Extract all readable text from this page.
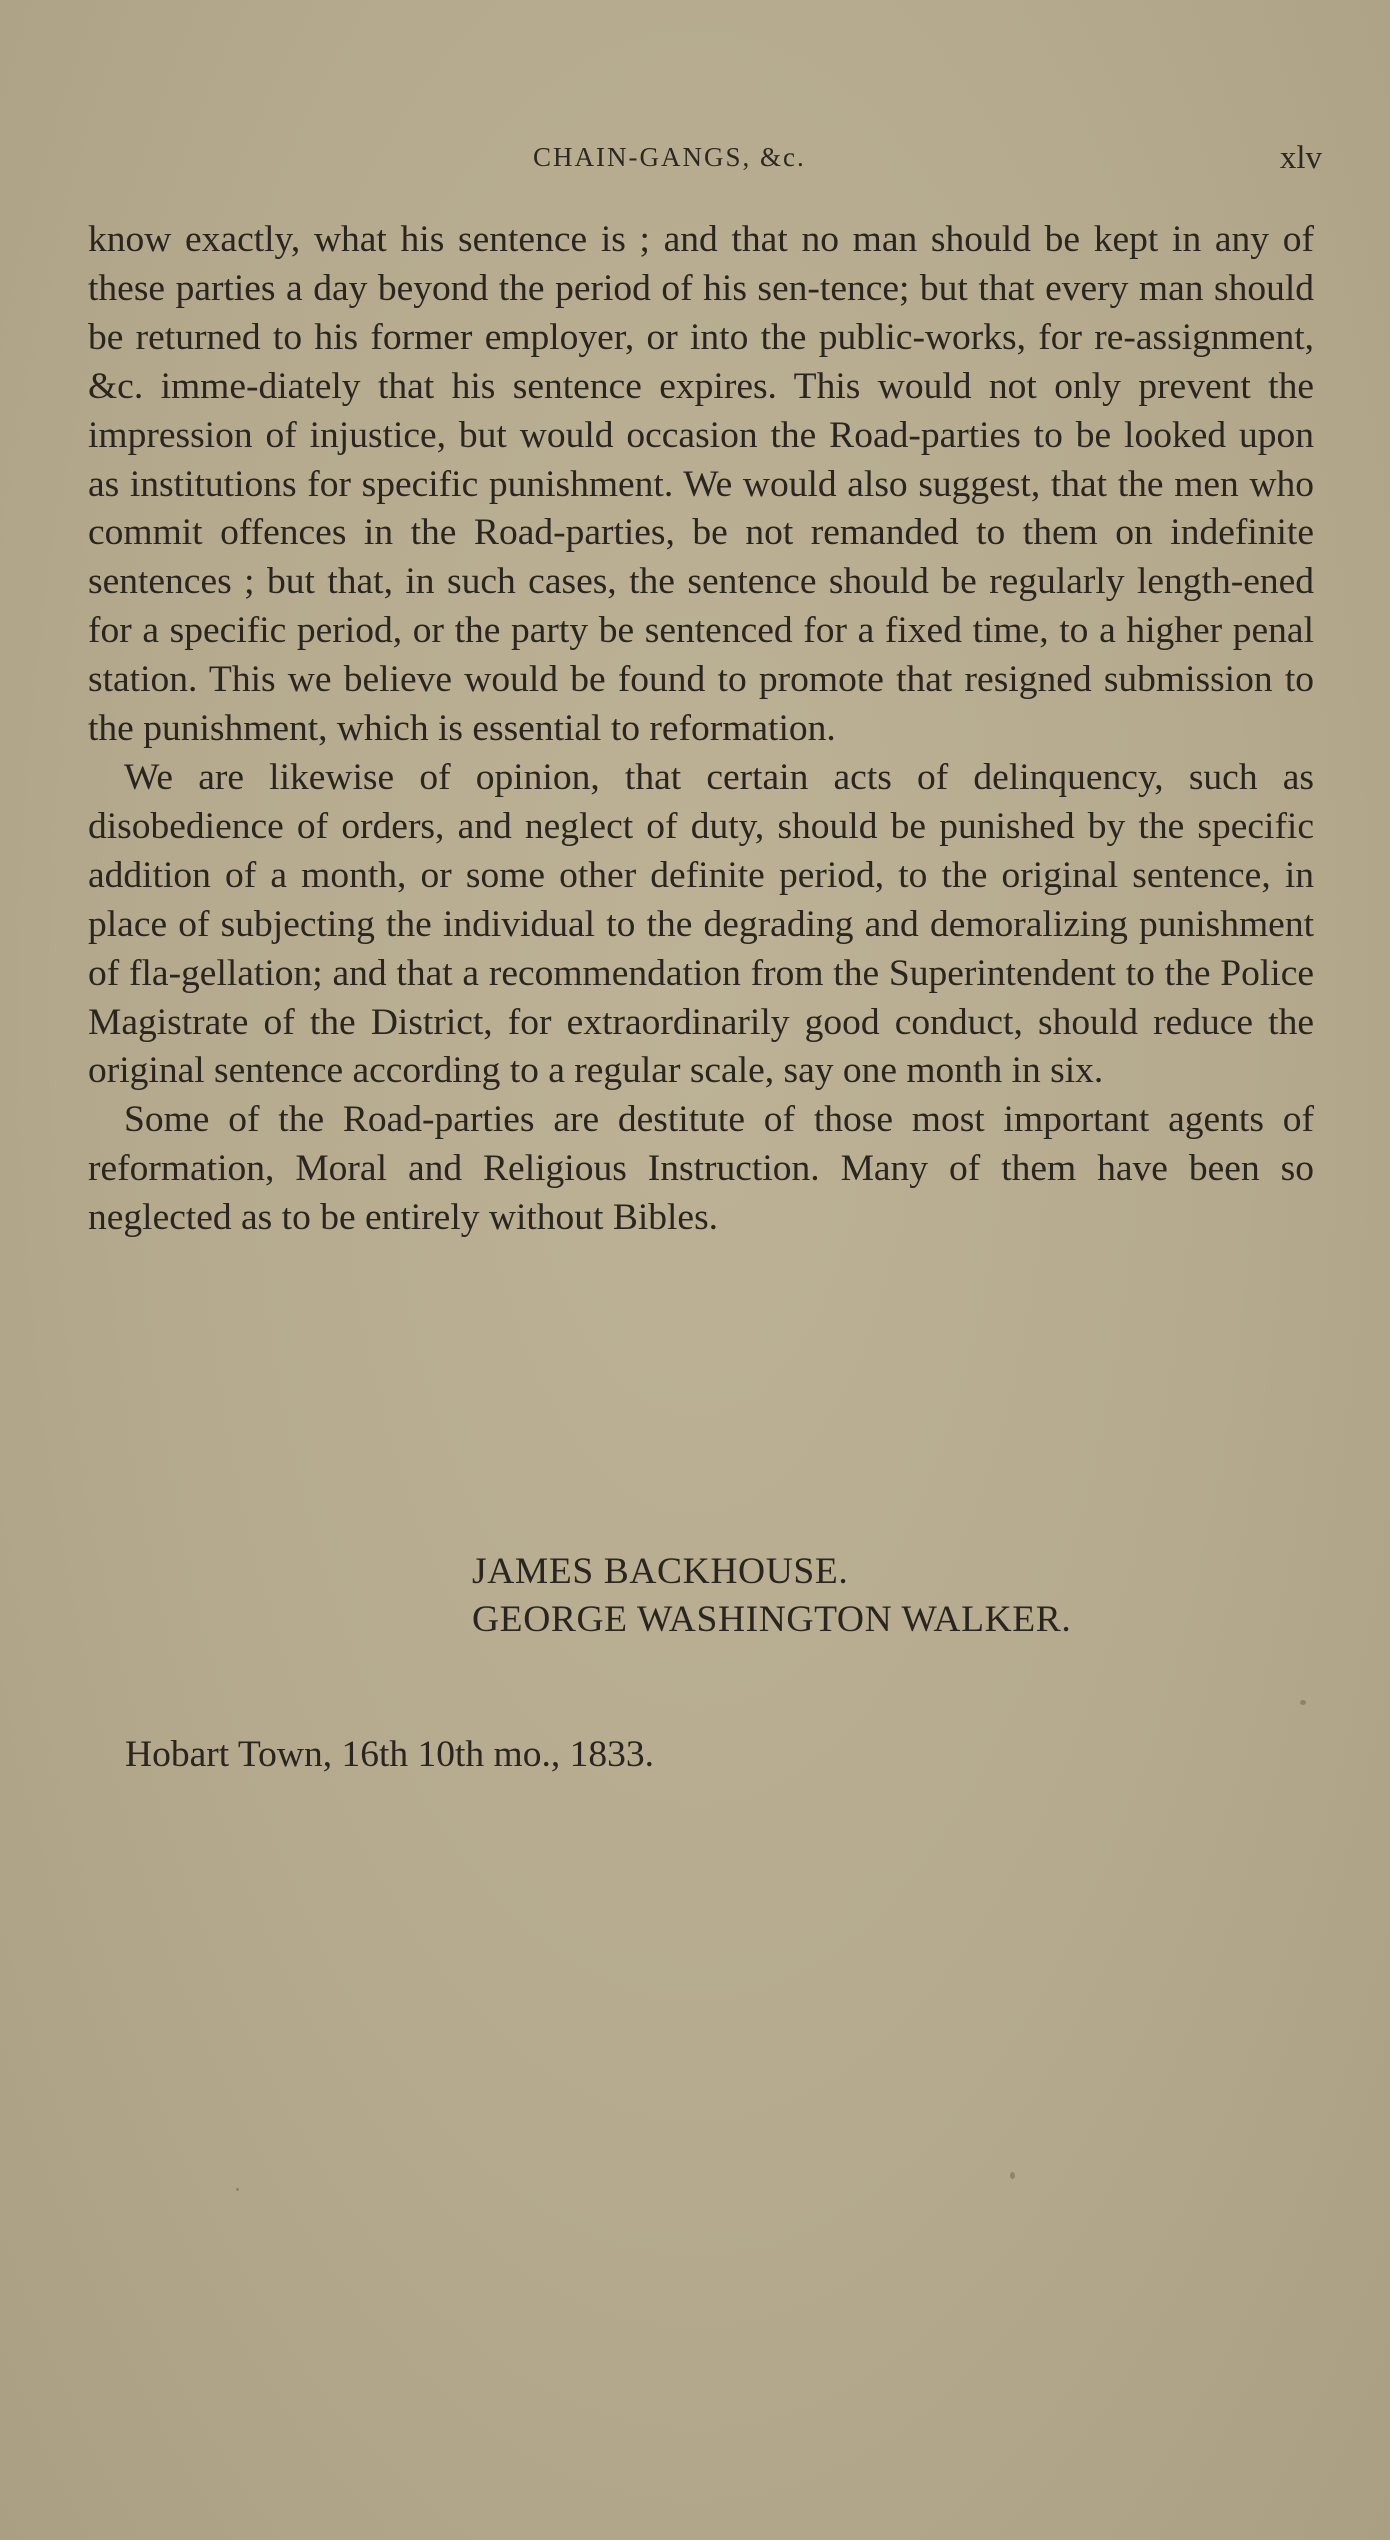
CHAIN-GANGS, &c.	xlv

know exactly, what his sentence is ; and that no man should be kept in any of these parties a day beyond the period of his sen-tence; but that every man should be returned to his former employer, or into the public-works, for re-assignment, &c. imme-diately that his sentence expires. This would not only prevent the impression of injustice, but would occasion the Road-parties to be looked upon as institutions for specific punishment. We would also suggest, that the men who commit offences in the Road-parties, be not remanded to them on indefinite sentences ; but that, in such cases, the sentence should be regularly length-ened for a specific period, or the party be sentenced for a fixed time, to a higher penal station. This we believe would be found to promote that resigned submission to the punishment, which is essential to reformation.

We are likewise of opinion, that certain acts of delinquency, such as disobedience of orders, and neglect of duty, should be punished by the specific addition of a month, or some other definite period, to the original sentence, in place of subjecting the individual to the degrading and demoralizing punishment of fla-gellation; and that a recommendation from the Superintendent to the Police Magistrate of the District, for extraordinarily good conduct, should reduce the original sentence according to a regular scale, say one month in six.

Some of the Road-parties are destitute of those most important agents of reformation, Moral and Religious Instruction. Many of them have been so neglected as to be entirely without Bibles.

JAMES BACKHOUSE.
GEORGE WASHINGTON WALKER.
Hobart Town, 16th 10th mo., 1833.
